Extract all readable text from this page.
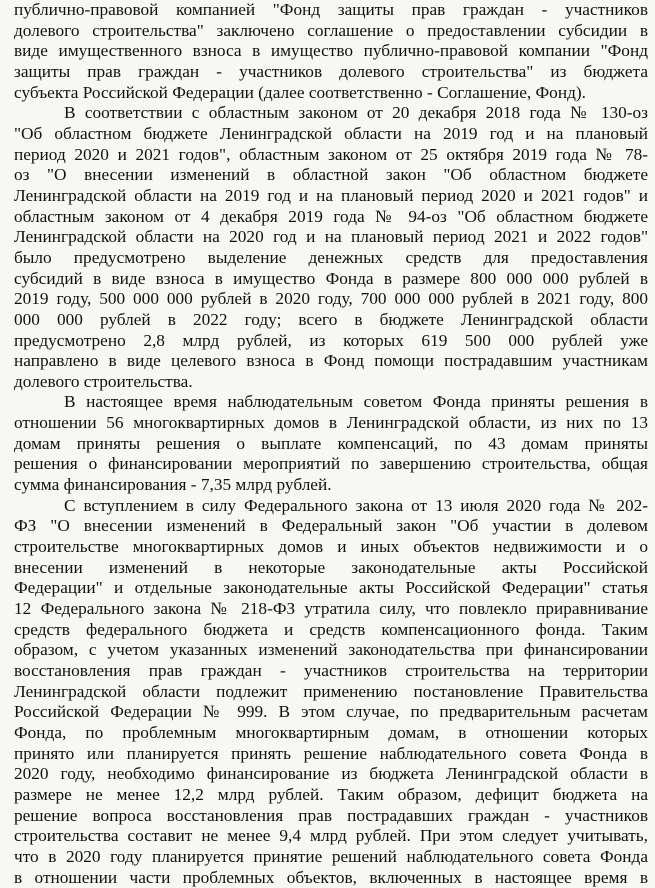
публично-правовой компанией "Фонд защиты прав граждан - участников
долевого строительства" заключено соглашение о предоставлении субсидии в
виде имущественного взноса в имущество публично-правовой компании "Фонд
защиты прав граждан - участников долевого строительства" из бюджета
субъекта Российской Федерации (далее соответственно - Соглашение, Фонд).
В соответствии с областным законом от 20 декабря 2018 года № 130-оз
"Об областном бюджете Ленинградской области на 2019 год и на плановый
период 2020 и 2021 годов", областным законом от 25 октября 2019 года № 78-
оз "О внесении изменений в областной закон "Об областном бюджете
Ленинградской области на 2019 год и на плановый период 2020 и 2021 годов" и
областным законом от 4 декабря 2019 года № 94-оз "Об областном бюджете
Ленинградской области на 2020 год и на плановый период 2021 и 2022 годов"
было предусмотрено выделение денежных средств для предоставления
субсидий в виде взноса в имущество Фонда в размере 800 000 000 рублей в
2019 году, 500 000 000 рублей в 2020 году, 700 000 000 рублей в 2021 году, 800
000 000 рублей в 2022 году; всего в бюджете Ленинградской области
предусмотрено 2,8 млрд рублей, из которых 619 500 000 рублей уже
направлено в виде целевого взноса в Фонд помощи пострадавшим участникам
долевого строительства.
В настоящее время наблюдательным советом Фонда приняты решения в
отношении 56 многоквартирных домов в Ленинградской области, из них по 13
домам приняты решения о выплате компенсаций, по 43 домам приняты
решения о финансировании мероприятий по завершению строительства, общая
сумма финансирования - 7,35 млрд рублей.
С вступлением в силу Федерального закона от 13 июля 2020 года № 202-
ФЗ "О внесении изменений в Федеральный закон "Об участии в долевом
строительстве многоквартирных домов и иных объектов недвижимости и о
внесении изменений в некоторые законодательные акты Российской
Федерации" и отдельные законодательные акты Российской Федерации" статья
12 Федерального закона № 218-ФЗ утратила силу, что повлекло приравнивание
средств федерального бюджета и средств компенсационного фонда. Таким
образом, с учетом указанных изменений законодательства при финансировании
восстановления прав граждан - участников строительства на территории
Ленинградской области подлежит применению постановление Правительства
Российской Федерации № 999. В этом случае, по предварительным расчетам
Фонда, по проблемным многоквартирным домам, в отношении которых
принято или планируется принять решение наблюдательного совета Фонда в
2020 году, необходимо финансирование из бюджета Ленинградской области в
размере не менее 12,2 млрд рублей. Таким образом, дефицит бюджета на
решение вопроса восстановления прав пострадавших граждан - участников
строительства составит не менее 9,4 млрд рублей. При этом следует учитывать,
что в 2020 году планируется принятие решений наблюдательного совета Фонда
в отношении части проблемных объектов, включенных в настоящее время в
